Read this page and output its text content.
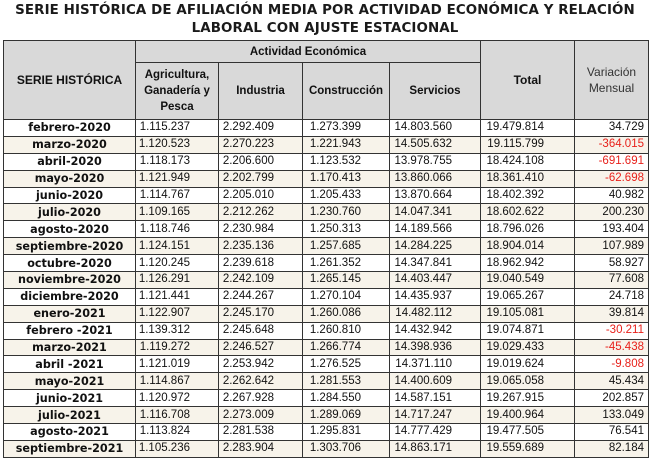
SERIE HISTÓRICA DE AFILIACIÓN MEDIA POR ACTIVIDAD ECONÓMICA Y RELACIÓN
LABORAL CON AJUSTE ESTACIONAL
SERIE HISTÓRICA	Actividad Económica				Total	Variación Mensual
	Agricultura, Ganadería y Pesca	Industria	Construcción	Servicios		
febrero-2020	1.115.237	2.292.409	1.273.399	14.803.560	19.479.814	34.729
marzo-2020	1.120.523	2.270.223	1.221.943	14.505.632	19.115.799	-364.015
abril-2020	1.118.173	2.206.600	1.123.532	13.978.755	18.424.108	-691.691
mayo-2020	1.121.949	2.202.799	1.170.413	13.860.066	18.361.410	-62.698
junio-2020	1.114.767	2.205.010	1.205.433	13.870.664	18.402.392	40.982
julio-2020	1.109.165	2.212.262	1.230.760	14.047.341	18.602.622	200.230
agosto-2020	1.118.746	2.230.984	1.250.313	14.189.566	18.796.026	193.404
septiembre-2020	1.124.151	2.235.136	1.257.685	14.284.225	18.904.014	107.989
octubre-2020	1.120.245	2.239.618	1.261.352	14.347.841	18.962.942	58.927
noviembre-2020	1.126.291	2.242.109	1.265.145	14.403.447	19.040.549	77.608
diciembre-2020	1.121.441	2.244.267	1.270.104	14.435.937	19.065.267	24.718
enero-2021	1.122.907	2.245.170	1.260.086	14.482.112	19.105.081	39.814
febrero -2021	1.139.312	2.245.648	1.260.810	14.432.942	19.074.871	-30.211
marzo-2021	1.119.272	2.246.527	1.266.774	14.398.936	19.029.433	-45.438
abril -2021	1.121.019	2.253.942	1.276.525	14.371.110	19.019.624	-9.808
mayo-2021	1.114.867	2.262.642	1.281.553	14.400.609	19.065.058	45.434
junio-2021	1.120.972	2.267.928	1.284.550	14.587.151	19.267.915	202.857
julio-2021	1.116.708	2.273.009	1.289.069	14.717.247	19.400.964	133.049
agosto-2021	1.113.824	2.281.538	1.295.831	14.777.429	19.477.505	76.541
septiembre-2021	1.105.236	2.283.904	1.303.706	14.863.171	19.559.689	82.184
